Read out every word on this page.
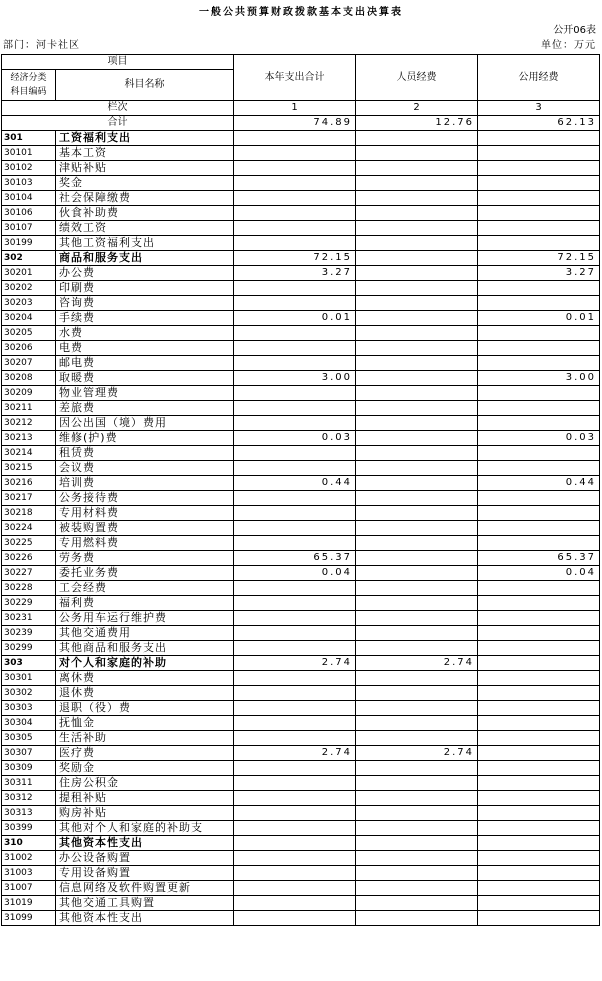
一般公共预算财政拨款基本支出决算表
公开06表
部门：河卡社区	单位：万元
项目		本年支出合计	人员经费	公用经费
经济分类
科目编码	科目名称			
栏次		1	2	3
合计		74.89	12.76	62.13
301	工资福利支出			
30101	基本工资			
30102	津贴补贴			
30103	奖金			
30104	社会保障缴费			
30106	伙食补助费			
30107	绩效工资			
30199	其他工资福利支出			
302	商品和服务支出	72.15		72.15
30201	办公费	3.27		3.27
30202	印刷费			
30203	咨询费			
30204	手续费	0.01		0.01
30205	水费			
30206	电费			
30207	邮电费			
30208	取暖费	3.00		3.00
30209	物业管理费			
30211	差旅费			
30212	因公出国（境）费用			
30213	维修(护)费	0.03		0.03
30214	租赁费			
30215	会议费			
30216	培训费	0.44		0.44
30217	公务接待费			
30218	专用材料费			
30224	被装购置费			
30225	专用燃料费			
30226	劳务费	65.37		65.37
30227	委托业务费	0.04		0.04
30228	工会经费			
30229	福利费			
30231	公务用车运行维护费			
30239	其他交通费用			
30299	其他商品和服务支出			
303	对个人和家庭的补助	2.74	2.74	
30301	离休费			
30302	退休费			
30303	退职（役）费			
30304	抚恤金			
30305	生活补助			
30307	医疗费	2.74	2.74	
30309	奖励金			
30311	住房公积金			
30312	提租补贴			
30313	购房补贴			
30399	其他对个人和家庭的补助支			
310	其他资本性支出			
31002	办公设备购置			
31003	专用设备购置			
31007	信息网络及软件购置更新			
31019	其他交通工具购置			
31099	其他资本性支出			
